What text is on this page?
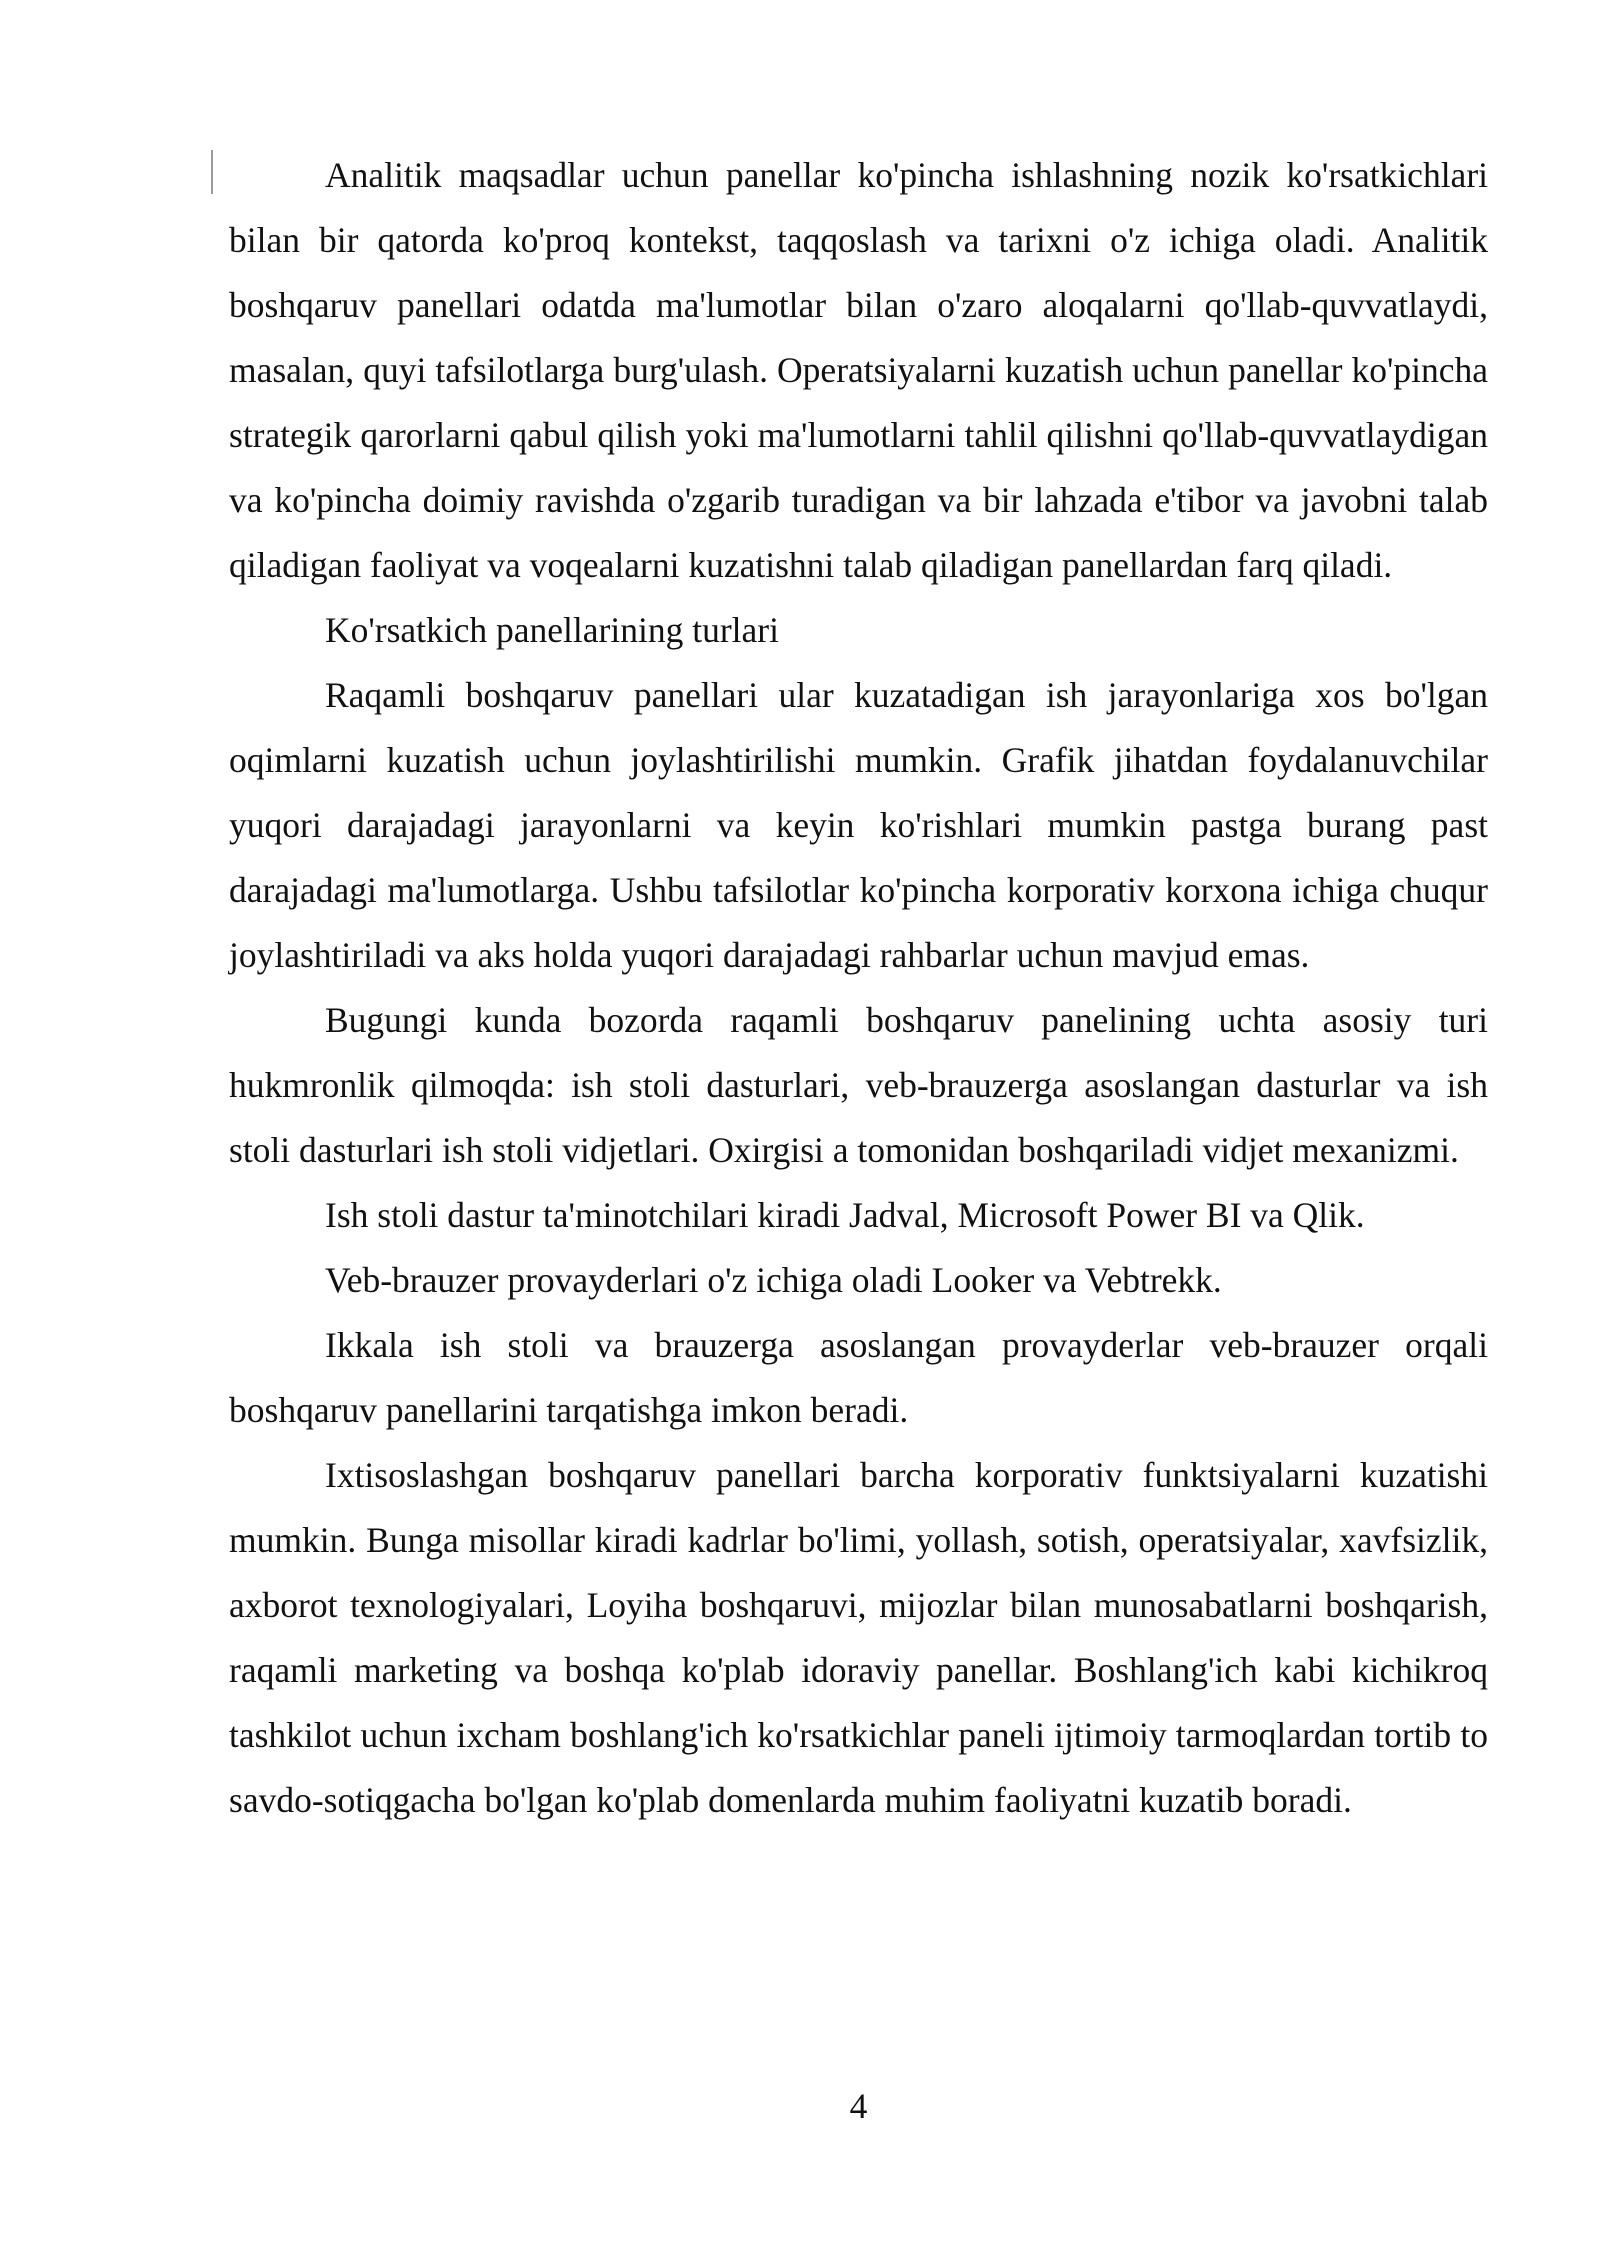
Analitik maqsadlar uchun panellar ko'pincha ishlashning nozik ko'rsatkichlari bilan bir qatorda ko'proq kontekst, taqqoslash va tarixni o'z ichiga oladi. Analitik boshqaruv panellari odatda ma'lumotlar bilan o'zaro aloqalarni qo'llab-quvvatlaydi, masalan, quyi tafsilotlarga burg'ulash. Operatsiyalarni kuzatish uchun panellar ko'pincha strategik qarorlarni qabul qilish yoki ma'lumotlarni tahlil qilishni qo'llab-quvvatlaydigan va ko'pincha doimiy ravishda o'zgarib turadigan va bir lahzada e'tibor va javobni talab qiladigan faoliyat va voqealarni kuzatishni talab qiladigan panellardan farq qiladi.

Ko'rsatkich panellarining turlari

Raqamli boshqaruv panellari ular kuzatadigan ish jarayonlariga xos bo'lgan oqimlarni kuzatish uchun joylashtirilishi mumkin. Grafik jihatdan foydalanuvchilar yuqori darajadagi jarayonlarni va keyin ko'rishlari mumkin pastga burang past darajadagi ma'lumotlarga. Ushbu tafsilotlar ko'pincha korporativ korxona ichiga chuqur joylashtiriladi va aks holda yuqori darajadagi rahbarlar uchun mavjud emas.

Bugungi kunda bozorda raqamli boshqaruv panelining uchta asosiy turi hukmronlik qilmoqda: ish stoli dasturlari, veb-brauzerga asoslangan dasturlar va ish stoli dasturlari ish stoli vidjetlari. Oxirgisi a tomonidan boshqariladi vidjet mexanizmi.

Ish stoli dastur ta'minotchilari kiradi Jadval, Microsoft Power BI va Qlik.

Veb-brauzer provayderlari o'z ichiga oladi Looker va Vebtrekk.

Ikkala ish stoli va brauzerga asoslangan provayderlar veb-brauzer orqali boshqaruv panellarini tarqatishga imkon beradi.

Ixtisoslashgan boshqaruv panellari barcha korporativ funktsiyalarni kuzatishi mumkin. Bunga misollar kiradi kadrlar bo'limi, yollash, sotish, operatsiyalar, xavfsizlik, axborot texnologiyalari, Loyiha boshqaruvi, mijozlar bilan munosabatlarni boshqarish, raqamli marketing va boshqa ko'plab idoraviy panellar. Boshlang'ich kabi kichikroq tashkilot uchun ixcham boshlang'ich ko'rsatkichlar paneli ijtimoiy tarmoqlardan tortib to savdo-sotiqgacha bo'lgan ko'plab domenlarda muhim faoliyatni kuzatib boradi.

4
